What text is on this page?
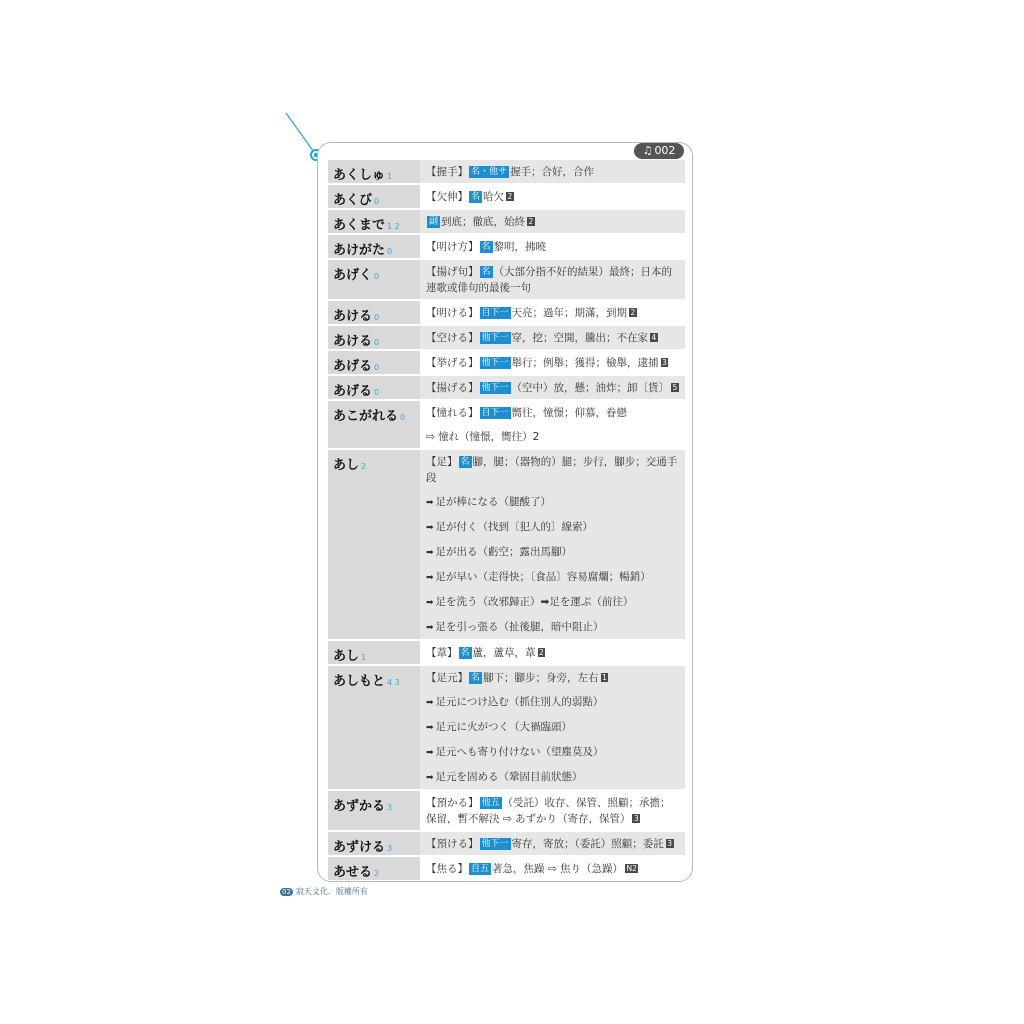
♫ 002
あくしゅ 1	【握手】 名・他サ 握手；合好，合作
あくび 0	【欠伸】 名 哈欠 2
あくまで 1 2	副 到底；徹底，始終 2
あけがた 0	【明け方】 名 黎明，拂曉
あげく 0	【揚げ句】 名 （大部分指不好的結果）最終；日本的連歌或俳句的最後一句
あける 0	【明ける】 自下一 天亮；過年；期滿，到期 2
あける 0	【空ける】 他下一 穿，挖；空開，騰出；不在家 4
あげる 0	【挙げる】 他下一 舉行；例舉；獲得；檢舉，逮捕 3
あげる 0	【揚げる】 他下一 （空中）放，懸；油炸；卸〔貨〕 5
あこがれる 0	【憧れる】 自下一 嚮往，憧憬；仰慕，眷戀
⇨ 憧れ（憧憬，嚮往）2
あし 2	【足】 名 腳，腿；（器物的）腿；步行，腳步；交通手段
➡ 足が棒になる（腿酸了）
➡ 足が付く（找到〔犯人的〕線索）
➡ 足が出る（虧空；露出馬腳）
➡ 足が早い（走得快；〔食品〕容易腐爛；暢銷）
➡ 足を洗う（改邪歸正）➡足を運ぶ（前往）
➡ 足を引っ張る（扯後腿，暗中阻止）
あし 1	【葦】 名 蘆，蘆草，葦 2
あしもと 4 3	【足元】 名 腳下；腳步；身旁，左右 1
➡ 足元につけ込む（抓住別人的弱點）
➡ 足元に火がつく（大禍臨頭）
➡ 足元へも寄り付けない（望塵莫及）
➡ 足元を固める（鞏固目前狀態）
あずかる 3	【預かる】 他五 （受託）收存、保管、照顧；承擔；保留，暫不解決 ⇨ あずかり（寄存，保管） 3
あずける 3	【預ける】 他下一 寄存，寄放；（委託）照顧；委託 3
あせる 2	【焦る】 自五 著急，焦躁 ⇨ 焦り（急躁） N2
02 寂天文化．版權所有
